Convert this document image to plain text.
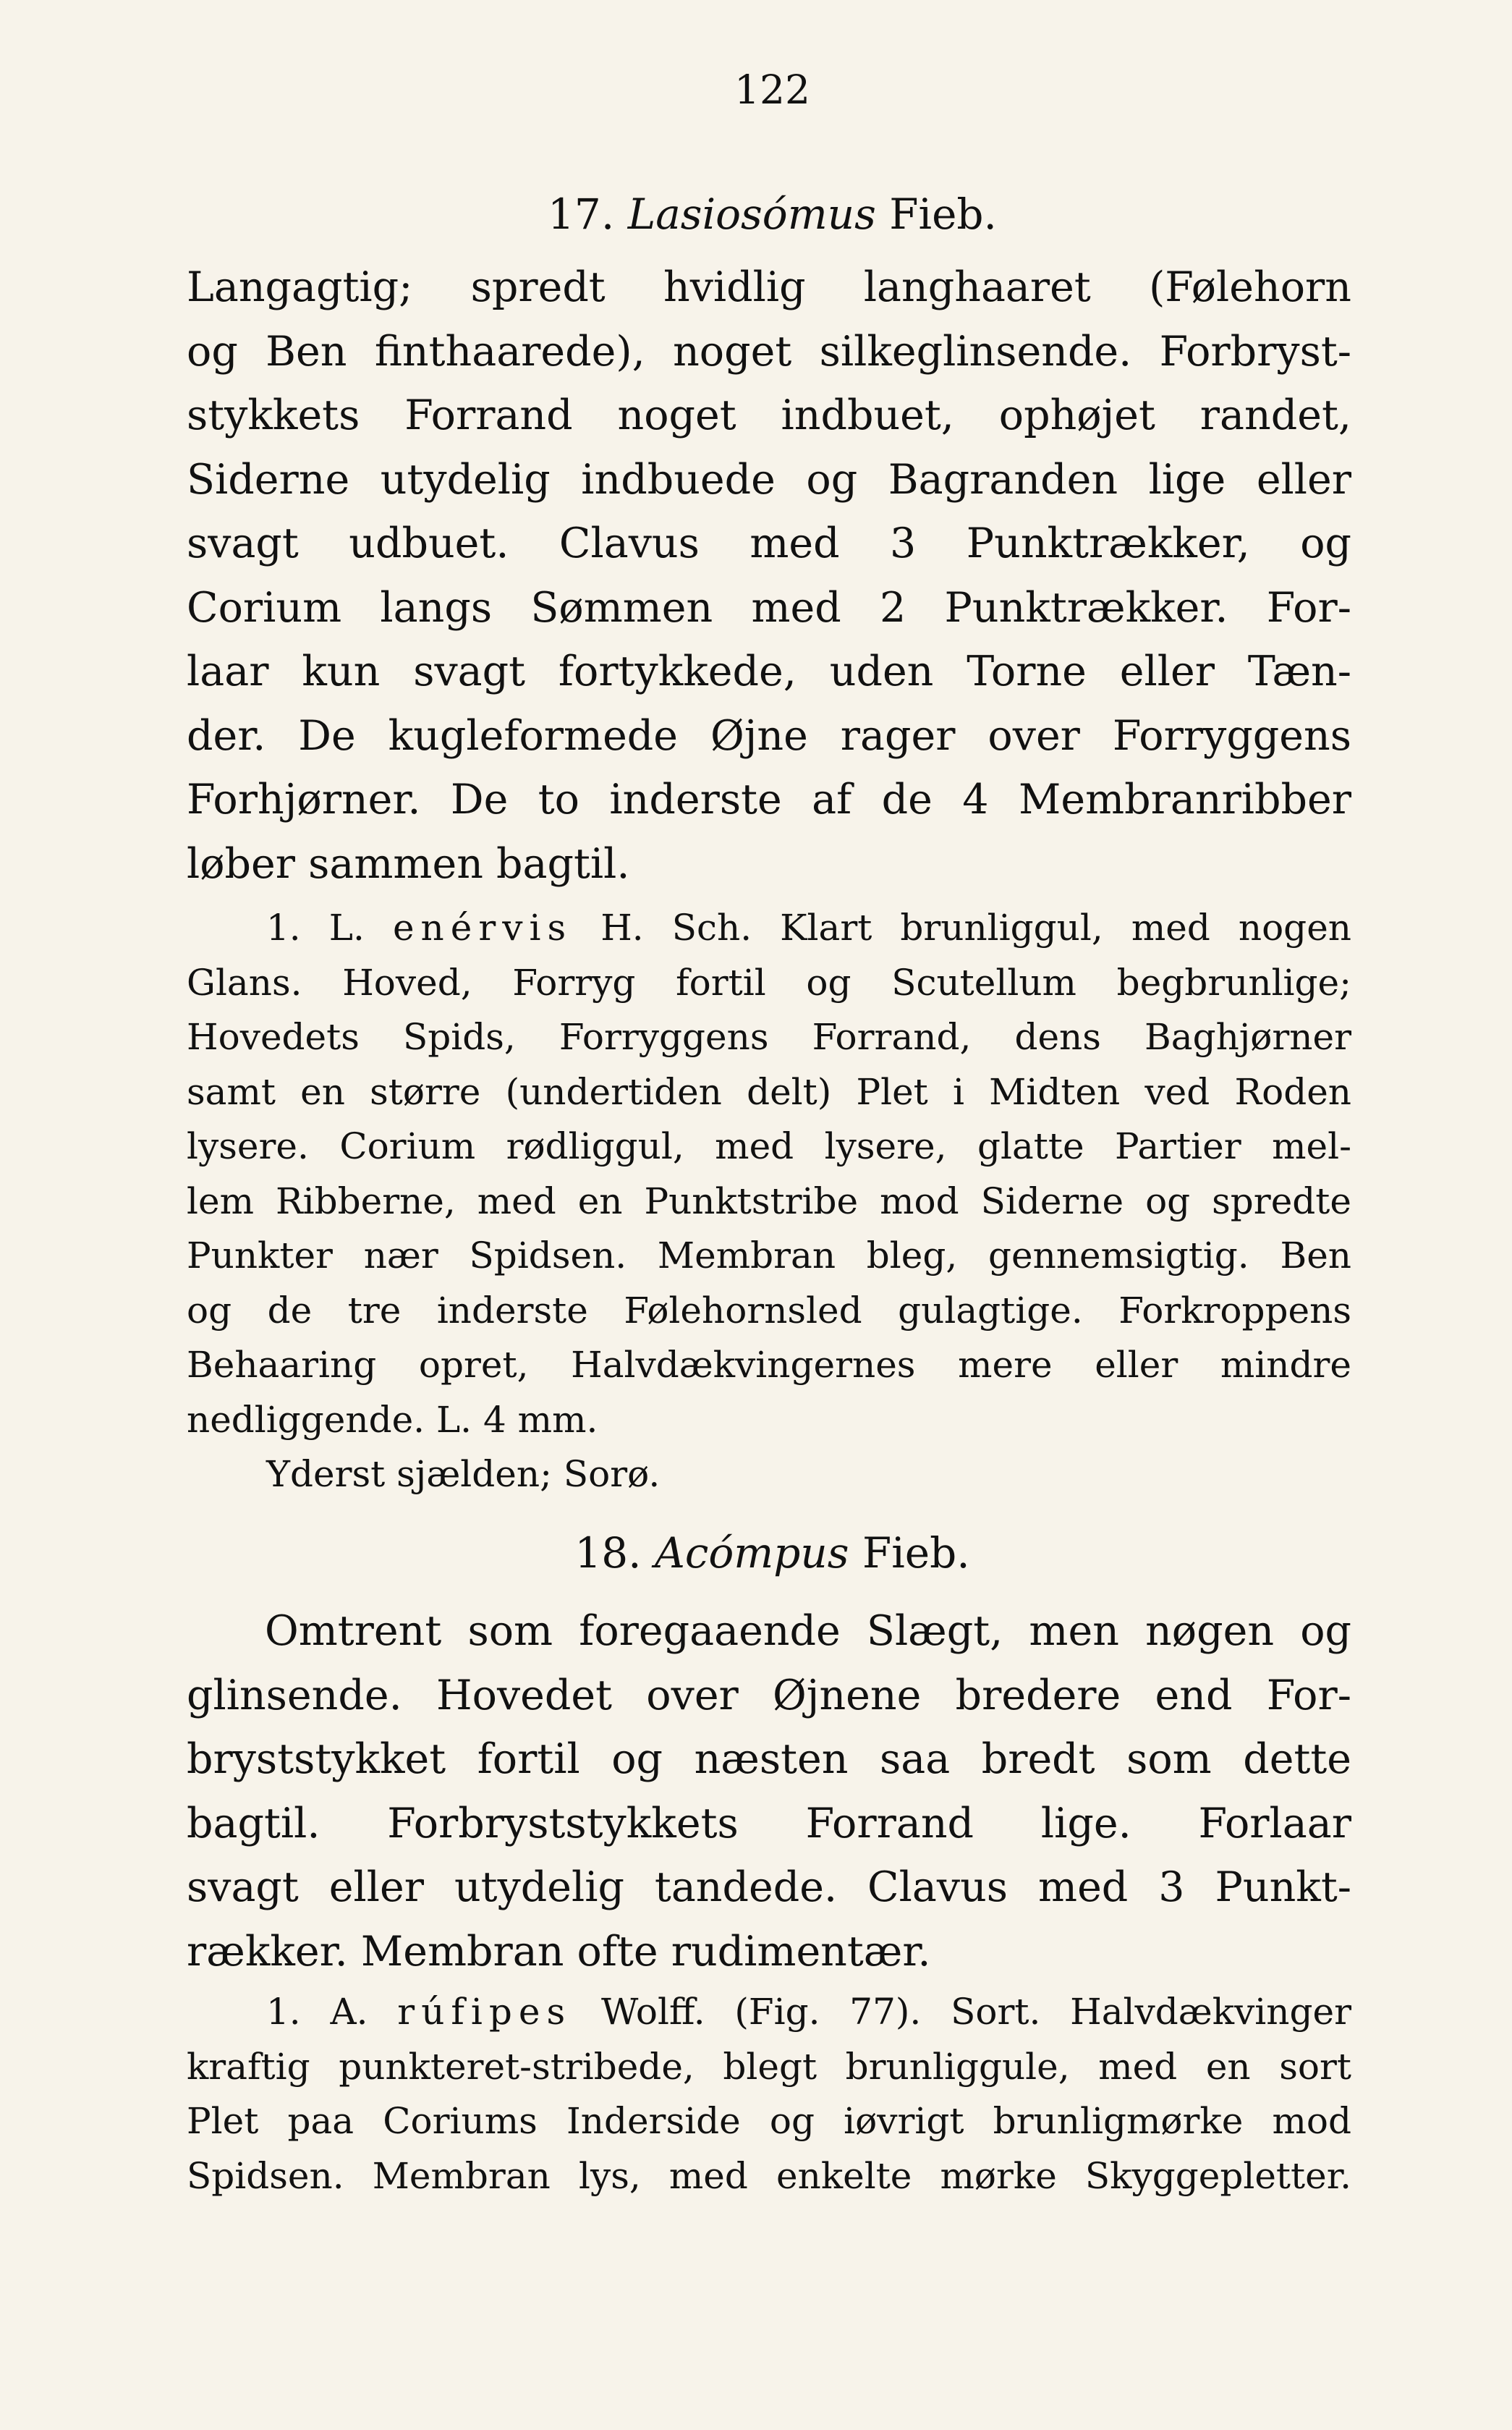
122
17. Lasiosómus Fieb.
Langagtig; spredt hvidlig langhaaret (Følehorn
og Ben finthaarede), noget silkeglinsende. Forbryst-
stykkets Forrand noget indbuet, ophøjet randet,
Siderne utydelig indbuede og Bagranden lige eller
svagt udbuet. Clavus med 3 Punktrækker, og
Corium langs Sømmen med 2 Punktrækker. For-
laar kun svagt fortykkede, uden Torne eller Tæn-
der. De kugleformede Øjne rager over Forryggens
Forhjørner. De to inderste af de 4 Membranribber
løber sammen bagtil.
1. L. enérvis H. Sch. Klart brunliggul, med nogen
Glans. Hoved, Forryg fortil og Scutellum begbrunlige;
Hovedets Spids, Forryggens Forrand, dens Baghjørner
samt en større (undertiden delt) Plet i Midten ved Roden
lysere. Corium rødliggul, med lysere, glatte Partier mel-
lem Ribberne, med en Punktstribe mod Siderne og spredte
Punkter nær Spidsen. Membran bleg, gennemsigtig. Ben
og de tre inderste Følehornsled gulagtige. Forkroppens
Behaaring opret, Halvdækvingernes mere eller mindre
nedliggende. L. 4 mm.
Yderst sjælden; Sorø.
18. Acómpus Fieb.
Omtrent som foregaaende Slægt, men nøgen og
glinsende. Hovedet over Øjnene bredere end For-
bryststykket fortil og næsten saa bredt som dette
bagtil. Forbryststykkets Forrand lige. Forlaar
svagt eller utydelig tandede. Clavus med 3 Punkt-
rækker. Membran ofte rudimentær.
1. A. rúfipes Wolff. (Fig. 77). Sort. Halvdækvinger
kraftig punkteret-stribede, blegt brunliggule, med en sort
Plet paa Coriums Inderside og iøvrigt brunligmørke mod
Spidsen. Membran lys, med enkelte mørke Skyggepletter.
